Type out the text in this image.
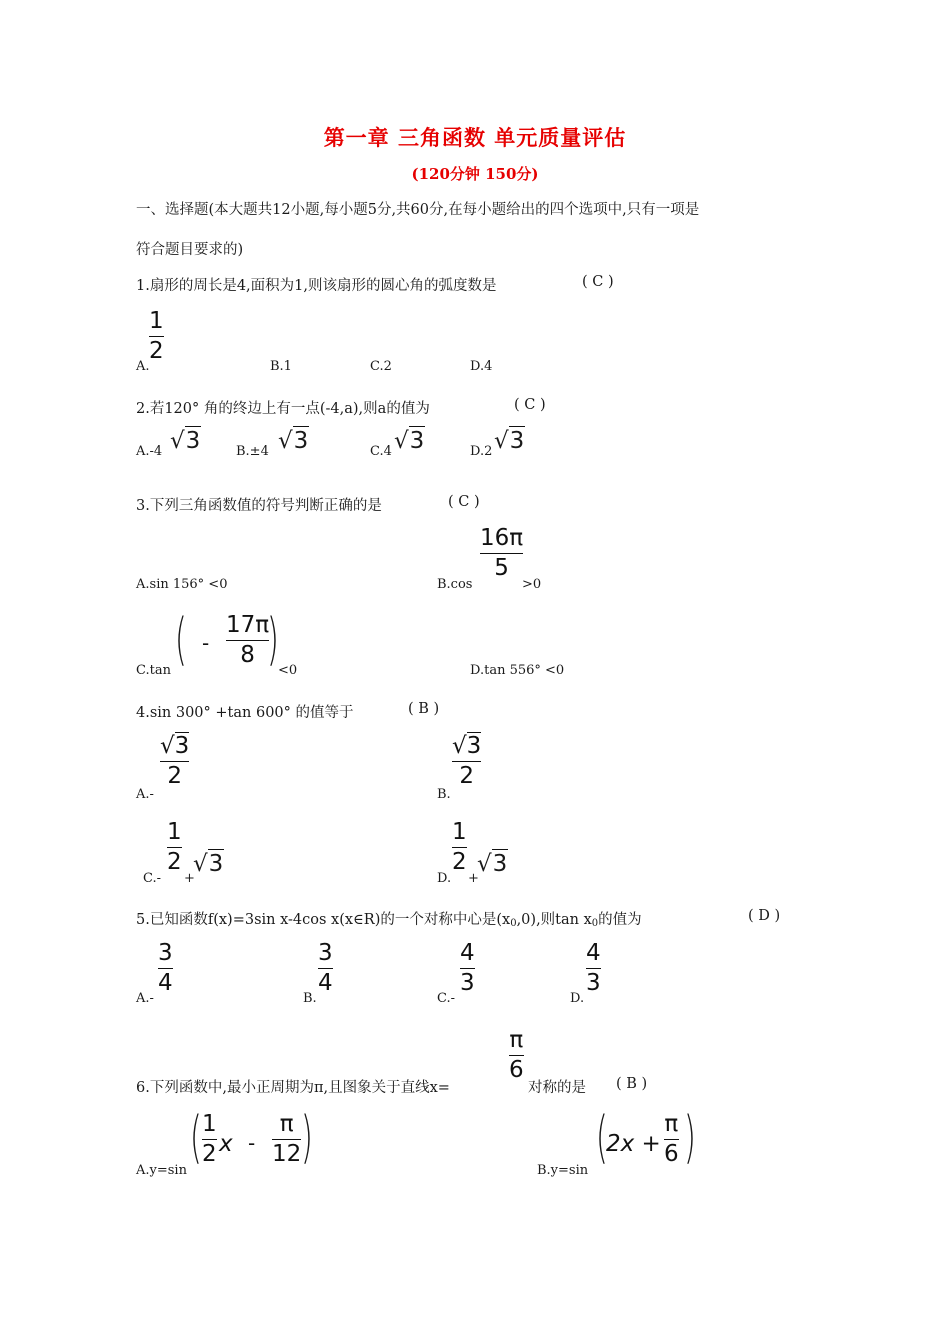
第一章 三角函数 单元质量评估
(120分钟 150分)
一、选择题(本大题共12小题,每小题5分,共60分,在每小题给出的四个选项中,只有一项是
符合题目要求的)
1.扇形的周长是4,面积为1,则该扇形的圆心角的弧度数是	( C )
A.
1
2
B.1	C.2	D.4
2.若120° 角的终边上有一点(-4,a),则a的值为	( C )
A.-4 √3	B.±4 √3	C.4 √3	D.2 √3
3.下列三角函数值的符号判断正确的是	( C )
A.sin 156° <0	B.cos
16π
5
>0
C.tan ( -
17π
8 ) <0	D.tan 556° <0
4.sin 300° +tan 600° 的值等于	( B )
A.-
√3
2
B.
√3
2
C.-
1
2
+
√3
D.
1
2
+
√3
5.已知函数f(x)=3sin x-4cos x(x∈R)的一个对称中心是$(x_0,0)$,则$\tan x_0$的值为	( D )
A.-
3
4
B.
3
4
C.-
4
3
D.
4
3
6.下列函数中,最小正周期为π,且图象关于直线x=
π
6
对称的是 ( B )
A.y=sin
( 1
2 x -
π
12 )
B.y=sin
(
2x +
π
6 )
